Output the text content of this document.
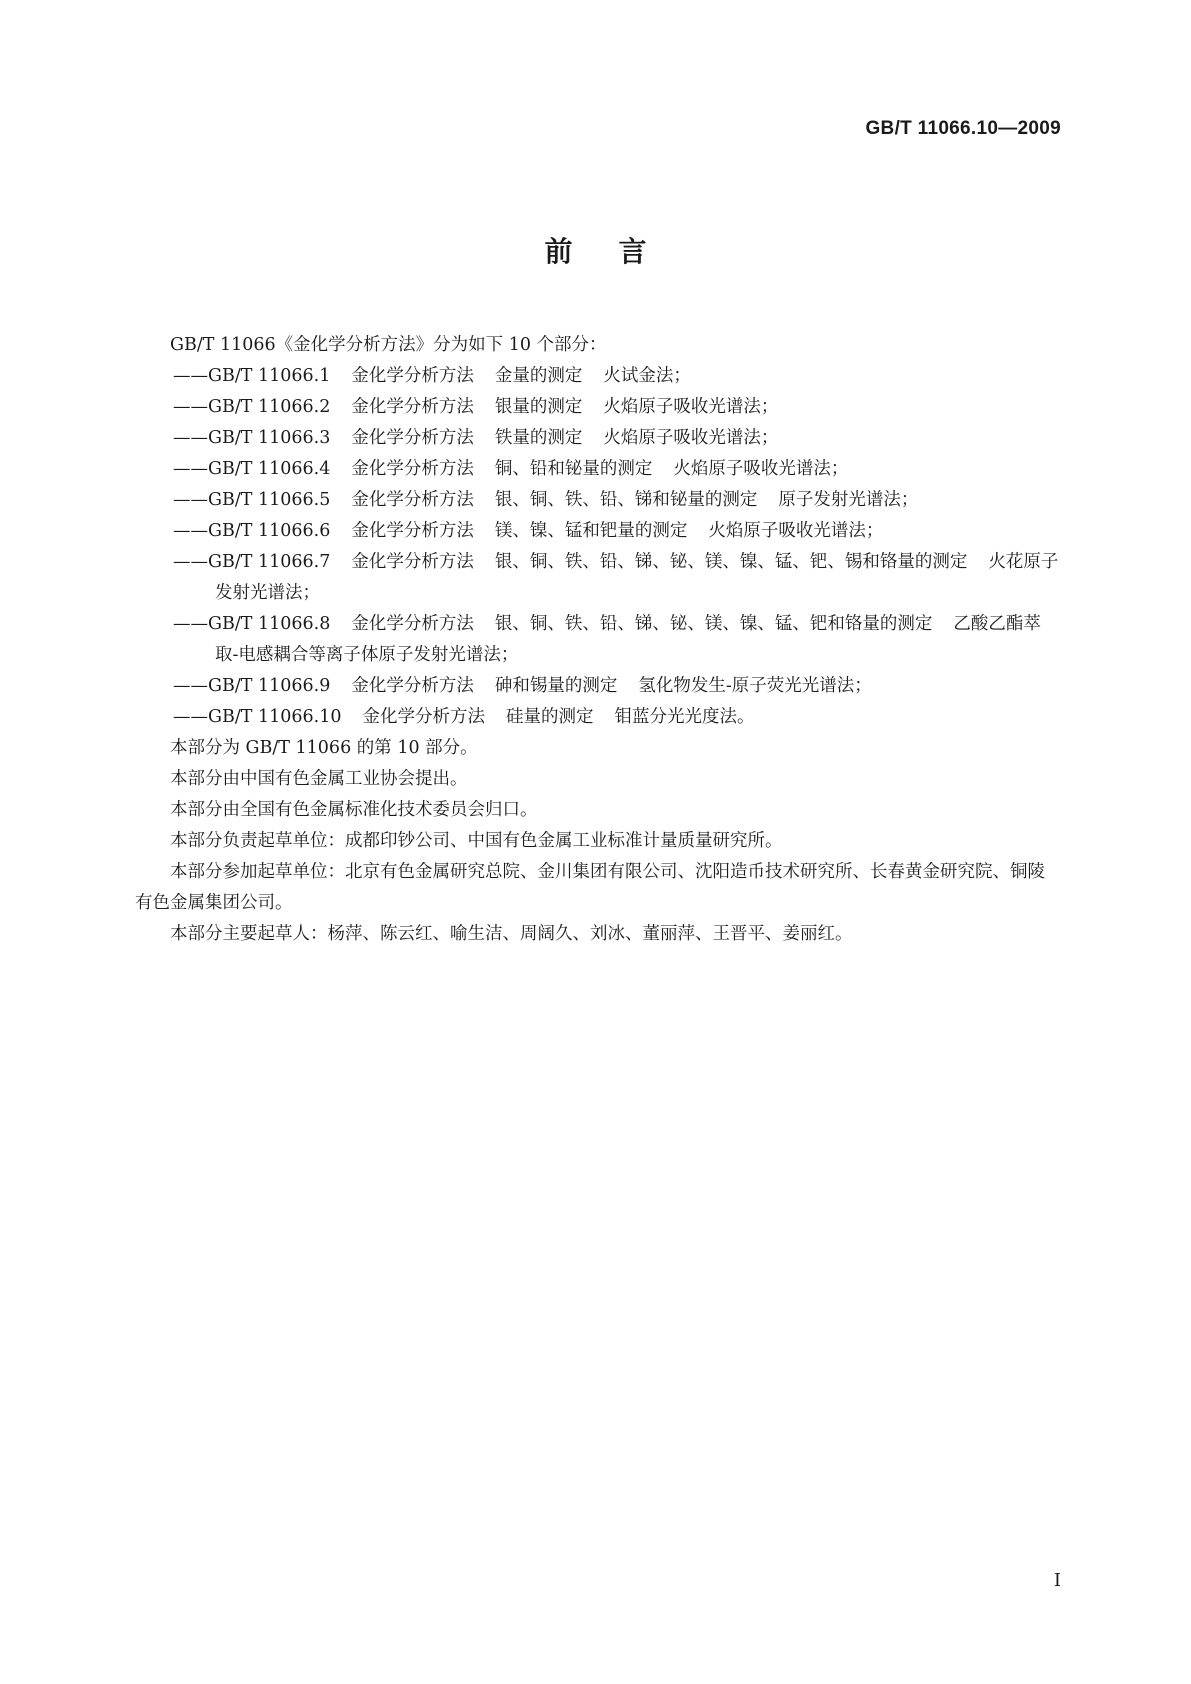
GB/T 11066.10—2009
前言

GB/T 11066《金化学分析方法》分为如下 10 个部分：

——GB/T 11066.1 金化学分析方法 金量的测定 火试金法；

——GB/T 11066.2 金化学分析方法 银量的测定 火焰原子吸收光谱法；

——GB/T 11066.3 金化学分析方法 铁量的测定 火焰原子吸收光谱法；

——GB/T 11066.4 金化学分析方法 铜、铅和铋量的测定 火焰原子吸收光谱法；

——GB/T 11066.5 金化学分析方法 银、铜、铁、铅、锑和铋量的测定 原子发射光谱法；

——GB/T 11066.6 金化学分析方法 镁、镍、锰和钯量的测定 火焰原子吸收光谱法；

——GB/T 11066.7 金化学分析方法 银、铜、铁、铅、锑、铋、镁、镍、锰、钯、锡和铬量的测定 火花原子发射光谱法；

——GB/T 11066.8 金化学分析方法 银、铜、铁、铅、锑、铋、镁、镍、锰、钯和铬量的测定 乙酸乙酯萃取-电感耦合等离子体原子发射光谱法；

——GB/T 11066.9 金化学分析方法 砷和锡量的测定 氢化物发生-原子荧光光谱法；

——GB/T 11066.10 金化学分析方法 硅量的测定 钼蓝分光光度法。

本部分为 GB/T 11066 的第 10 部分。

本部分由中国有色金属工业协会提出。

本部分由全国有色金属标准化技术委员会归口。

本部分负责起草单位：成都印钞公司、中国有色金属工业标准计量质量研究所。

本部分参加起草单位：北京有色金属研究总院、金川集团有限公司、沈阳造币技术研究所、长春黄金研究院、铜陵有色金属集团公司。

本部分主要起草人：杨萍、陈云红、喻生洁、周阔久、刘冰、董丽萍、王晋平、姜丽红。

I
